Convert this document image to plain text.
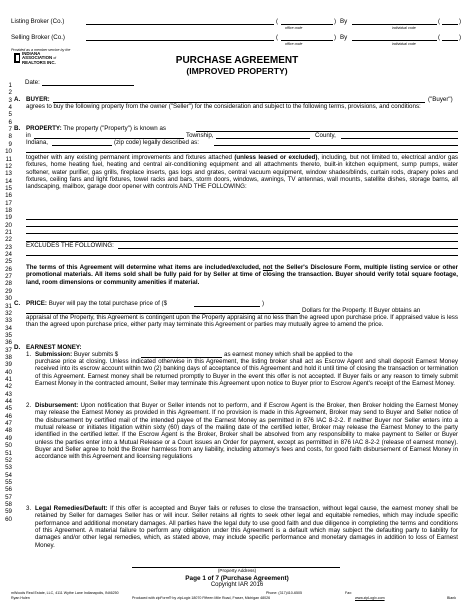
Listing Broker (Co.)	(	) By	(	)
office code	individual code
Selling Broker (Co.)	(	) By	(	)
office code	individual code
Provided as a member service by the
INDIANA
ASSOCIATION of
REALTORS INC.	PURCHASE AGREEMENT
(IMPROVED PROPERTY)
1
2
3
4
5
6
7
8
9
10
11
12
13
14
15
16
17
18
19
20
21
22
23
24
25
26
27
28
29
30
31
32
33
34
35
36
37
38
39
40
41
42
43
44
45
46
47
48
49
50
51
52
53
54
55
56
57
58
59
60
Date:
A. BUYER:	("Buyer")
agrees to buy the following property from the owner ("Seller") for the consideration and subject to the following terms, provisions, and conditions:
B. PROPERTY: The property ("Property") is known as
in	Township,	County,
Indiana,	(zip code) legally described as:
together with any existing permanent improvements and fixtures attached (unless leased or excluded), including, but not limited to, electrical and/or gas fixtures, home heating fuel, heating and central air-conditioning equipment and all attachments thereto, built-in kitchen equipment, sump pumps, water softener, water purifier, gas grills, fireplace inserts, gas logs and grates, central vacuum equipment, window shades/blinds, curtain rods, drapery poles and fixtures, ceiling fans and light fixtures, towel racks and bars, storm doors, windows, awnings, TV antennas, wall mounts, satellite dishes, storage barns, all landscaping, mailbox, garage door opener with controls AND THE FOLLOWING:
EXCLUDES THE FOLLOWING:
The terms of this Agreement will determine what items are included/excluded, not the Seller's Disclosure Form, multiple listing service or other promotional materials. All items sold shall be fully paid for by Seller at time of closing the transaction. Buyer should verify total square footage, land, room dimensions or community amenities if material.
C. PRICE: Buyer will pay the total purchase price of ($	)
Dollars for the Property. If Buyer obtains an
appraisal of the Property, this Agreement is contingent upon the Property appraising at no less than the agreed upon purchase price. If appraised value is less than the agreed upon purchase price, either party may terminate this Agreement or parties may mutually agree to amend the price.
D. EARNEST MONEY:
1. Submission: Buyer submits $	as earnest money which shall be applied to the
purchase price at closing. Unless indicated otherwise in this Agreement, the listing broker shall act as Escrow Agent and shall deposit Earnest Money received into its escrow account within two (2) banking days of acceptance of this Agreement and hold it until time of closing the transaction or termination of this Agreement. Earnest money shall be returned promptly to Buyer in the event this offer is not accepted. If Buyer fails or any reason to timely submit Earnest Money in the contracted amount, Seller may terminate this Agreement upon notice to Buyer prior to Escrow Agent's receipt of the Earnest Money.
2. Disbursement: Upon notification that Buyer or Seller intends not to perform, and if Escrow Agent is the Broker, then Broker holding the Earnest Money may release the Earnest Money as provided in this Agreement. If no provision is made in this Agreement, Broker may send to Buyer and Seller notice of the disbursement by certified mail of the intended payee of the Earnest Money as permitted in 876 IAC 8-2-2. If neither Buyer nor Seller enters into a mutual release or initiates litigation within sixty (60) days of the mailing date of the certified letter, Broker may release the Earnest Money to the party identified in the certified letter. If the Escrow Agent is the Broker, Broker shall be absolved from any responsibility to make payment to Seller or Buyer unless the parties enter into a Mutual Release or a Court issues an Order for payment, except as permitted in 876 IAC 8-2-2 (release of earnest money). Buyer and Seller agree to hold the Broker harmless from any liability, including attorney's fees and costs, for good faith disbursement of Earnest Money in accordance with this Agreement and licensing regulations
3. Legal Remedies/Default: If this offer is accepted and Buyer fails or refuses to close the transaction, without legal cause, the earnest money shall be retained by Seller for damages Seller has or will incur. Seller retains all rights to seek other legal and equitable remedies, which may include specific performance and additional monetary damages. All parties have the legal duty to use good faith and due diligence in completing the terms and conditions of this Agreement. A material failure to perform any obligation under this Agreement is a default which may subject the defaulting party to liability for damages and/or other legal remedies, which, as stated above, may include specific performance and monetary damages in addition to loss of Earnest Money.
(Property Address)
Page 1 of 7 (Purchase Agreement)
Copyright IAR 2016
mWoods Real Estate, LLC, 4111 Wythe Lane Indianapolis, IN46250
Ryan Hulen
Phone: (317)410-6505	Fax:
Blank
Produced with zipForm® by zipLogix 18070 Fifteen Mile Road, Fraser, Michigan 48026	www.zipLogix.com
